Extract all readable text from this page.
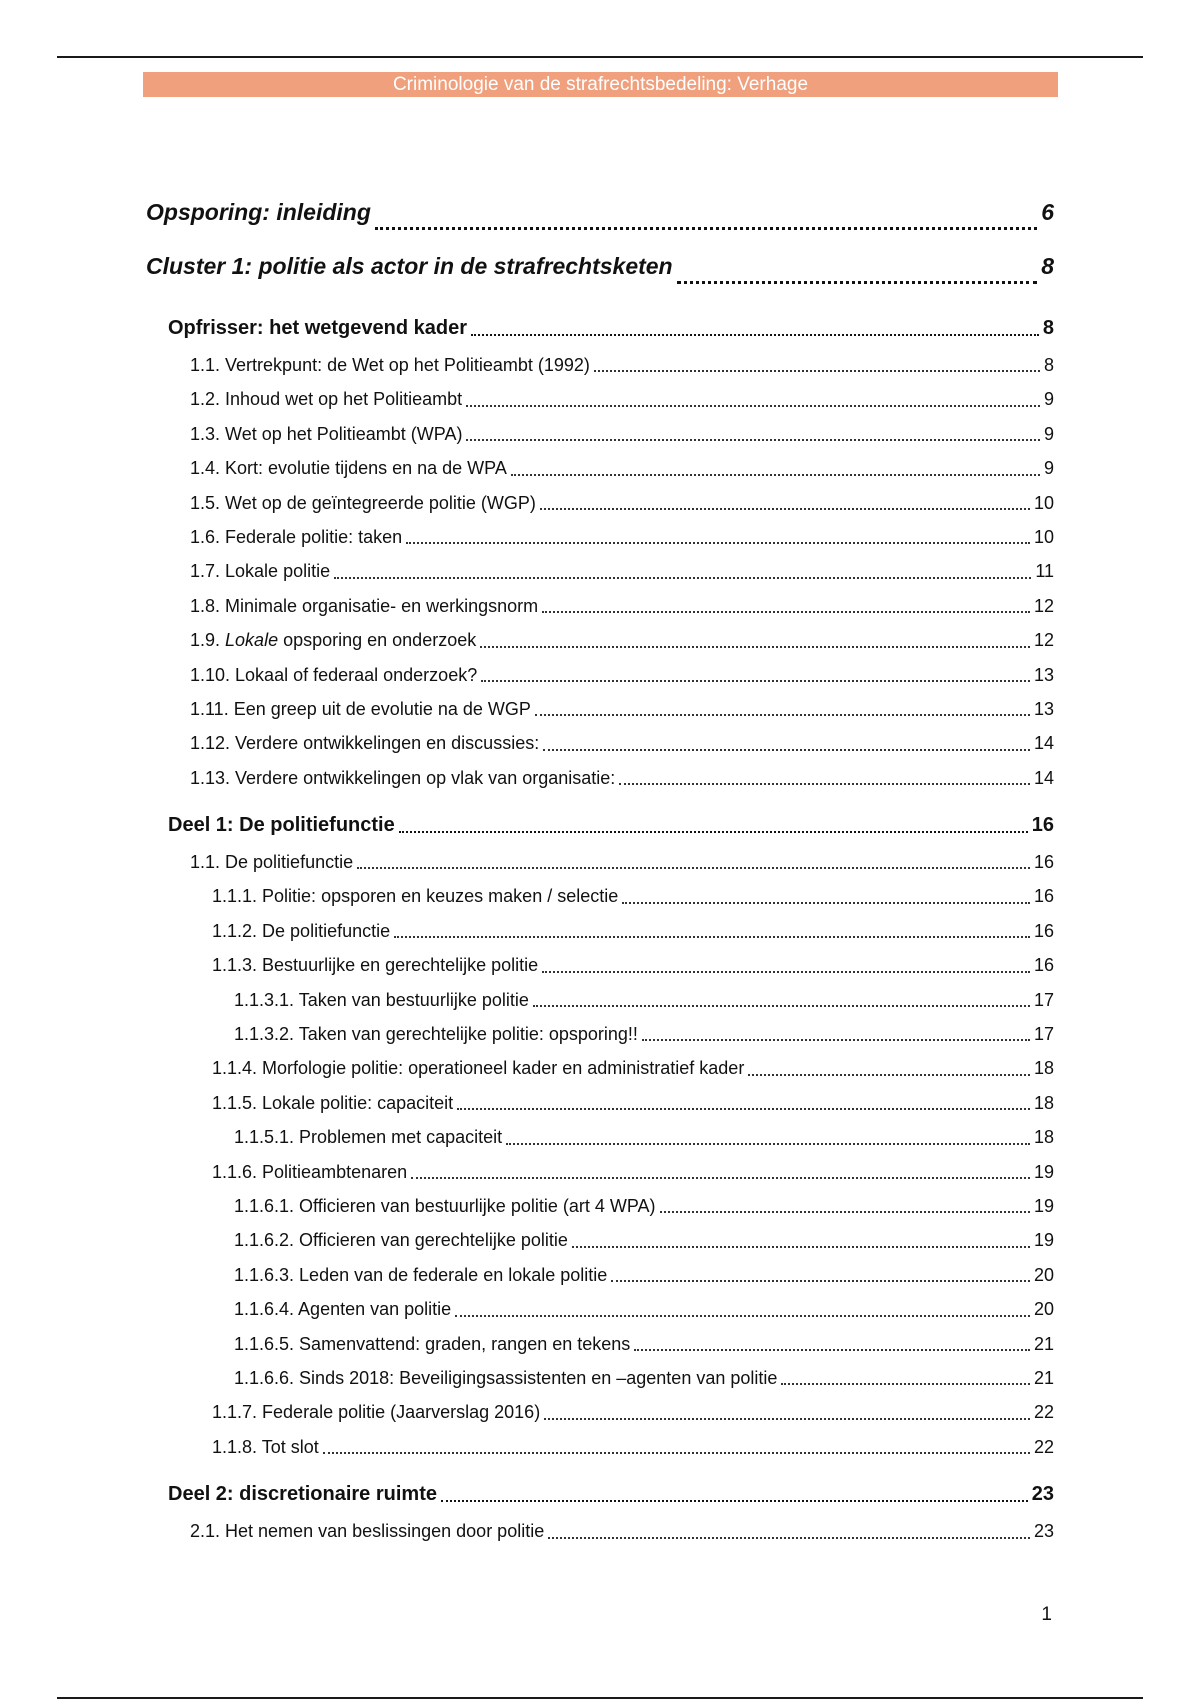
Criminologie van de strafrechtsbedeling: Verhage
Opsporing: inleiding	6
Cluster 1: politie als actor in de strafrechtsketen	8
Opfrisser: het wetgevend kader	8
1.1. Vertrekpunt: de Wet op het Politieambt (1992)	8
1.2. Inhoud wet op het Politieambt	9
1.3. Wet op het Politieambt (WPA)	9
1.4. Kort: evolutie tijdens en na de WPA	9
1.5. Wet op de geïntegreerde politie (WGP)	10
1.6. Federale politie: taken	10
1.7. Lokale politie	11
1.8. Minimale organisatie- en werkingsnorm	12
1.9. Lokale opsporing en onderzoek	12
1.10. Lokaal of federaal onderzoek?	13
1.11. Een greep uit de evolutie na de WGP	13
1.12. Verdere ontwikkelingen en discussies:	14
1.13. Verdere ontwikkelingen op vlak van organisatie:	14
Deel 1: De politiefunctie	16
1.1. De politiefunctie	16
1.1.1. Politie: opsporen en keuzes maken / selectie	16
1.1.2. De politiefunctie	16
1.1.3. Bestuurlijke en gerechtelijke politie	16
1.1.3.1. Taken van bestuurlijke politie	17
1.1.3.2. Taken van gerechtelijke politie: opsporing!!	17
1.1.4. Morfologie politie: operationeel kader en administratief kader	18
1.1.5. Lokale politie: capaciteit	18
1.1.5.1. Problemen met capaciteit	18
1.1.6. Politieambtenaren	19
1.1.6.1. Officieren van bestuurlijke politie (art 4 WPA)	19
1.1.6.2. Officieren van gerechtelijke politie	19
1.1.6.3. Leden van de federale en lokale politie	20
1.1.6.4. Agenten van politie	20
1.1.6.5. Samenvattend: graden, rangen en tekens	21
1.1.6.6. Sinds 2018: Beveiligingsassistenten en –agenten van politie	21
1.1.7. Federale politie (Jaarverslag 2016)	22
1.1.8. Tot slot	22
Deel 2: discretionaire ruimte	23
2.1. Het nemen van beslissingen door politie	23
1
